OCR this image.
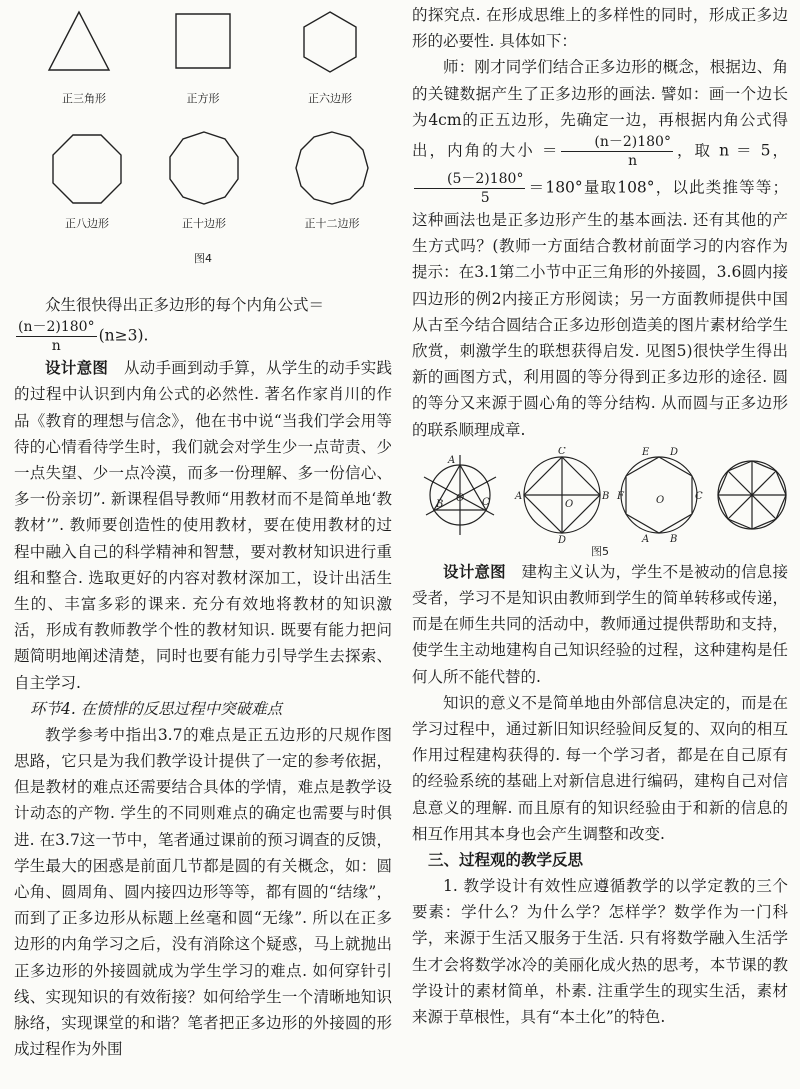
正三角形	正方形	正六边形
正八边形	正十边形	正十二边形
图4

众生很快得出正多边形的每个内角公式＝

$\frac{(n-2)180^\circ}{n} (n\ge 3)$.

设计意图　 从动手画到动手算，从学生的动手实践的过程中认识到内角公式的必然性. 著名作家肖川的作品《教育的理想与信念》，他在书中说“当我们学会用等待的心情看待学生时，我们就会对学生少一点苛责、少一点失望、少一点冷漠，而多一份理解、多一份信心、多一份亲切”. 新课程倡导教师“用教材而不是简单地‘教教材’”. 教师要创造性的使用教材，要在使用教材的过程中融入自己的科学精神和智慧，要对教材知识进行重组和整合. 选取更好的内容对教材深加工，设计出活生生的、丰富多彩的课来. 充分有效地将教材的知识激活，形成有教师教学个性的教材知识. 既要有能力把问题简明地阐述清楚，同时也要有能力引导学生去探索、自主学习.

环节4. 在愤悱的反思过程中突破难点

教学参考中指出3.7的难点是正五边形的尺规作图思路，它只是为我们教学设计提供了一定的参考依据，但是教材的难点还需要结合具体的学情，难点是教学设计动态的产物. 学生的不同则难点的确定也需要与时俱进. 在3.7这一节中，笔者通过课前的预习调查的反馈，学生最大的困惑是前面几节都是圆的有关概念，如：圆心角、圆周角、圆内接四边形等等，都有圆的“结缘”，而到了正多边形从标题上丝毫和圆“无缘”. 所以在正多边形的内角学习之后，没有消除这个疑惑，马上就抛出正多边形的外接圆就成为学生学习的难点. 如何穿针引线、实现知识的有效衔接？如何给学生一个清晰地知识脉络，实现课堂的和谐？笔者把正多边形的外接圆的形成过程作为外围

的探究点. 在形成思维上的多样性的同时，形成正多边形的必要性. 具体如下：

师：刚才同学们结合正多边形的概念，根据边、角的关键数据产生了正多边形的画法. 譬如：画一个边长为4cm的正五边形，先确定一边，再根据内角公式得出，内角的大小 ＝ $\frac{(n-2)180^\circ}{n}$ ，取 n ＝ 5，
$\frac{(5-2)180^\circ}{5} =180^\circ$量取108°，以此类推等等；这种画法也是正多边形产生的基本画法. 还有其他的产生方式吗？(教师一方面结合教材前面学习的内容作为提示：在3.1第二小节中正三角形的外接圆，3.6圆内接四边形的例2内接正方形阅读；另一方面教师提供中国从古至今结合圆结合正多边形创造美的图片素材给学生欣赏，刺激学生的联想获得启发. 见图5)很快学生得出新的画图方式，利用圆的等分得到正多边形的途径. 圆的等分又来源于圆心角的等分结构. 从而圆与正多边形的联系顺理成章.

A
B	C
O
C
A	B
D
O
E D
F	C
O
A B
图5

设计意图　 建构主义认为，学生不是被动的信息接受者，学习不是知识由教师到学生的简单转移或传递，而是在师生共同的活动中，教师通过提供帮助和支持，使学生主动地建构自己知识经验的过程，这种建构是任何人所不能代替的.

知识的意义不是简单地由外部信息决定的，而是在学习过程中，通过新旧知识经验间反复的、双向的相互作用过程建构获得的. 每一个学习者，都是在自己原有的经验系统的基础上对新信息进行编码，建构自己对信息意义的理解. 而且原有的知识经验由于和新的信息的相互作用其本身也会产生调整和改变.

三、过程观的教学反思

1. 教学设计有效性应遵循教学的以学定教的三个要素：学什么？为什么学？怎样学？数学作为一门科学，来源于生活又服务于生活. 只有将数学融入生活学生才会将数学冰冷的美丽化成火热的思考，本节课的教学设计的素材简单，朴素. 注重学生的现实生活，素材来源于草根性，具有“本土化”的特色.
